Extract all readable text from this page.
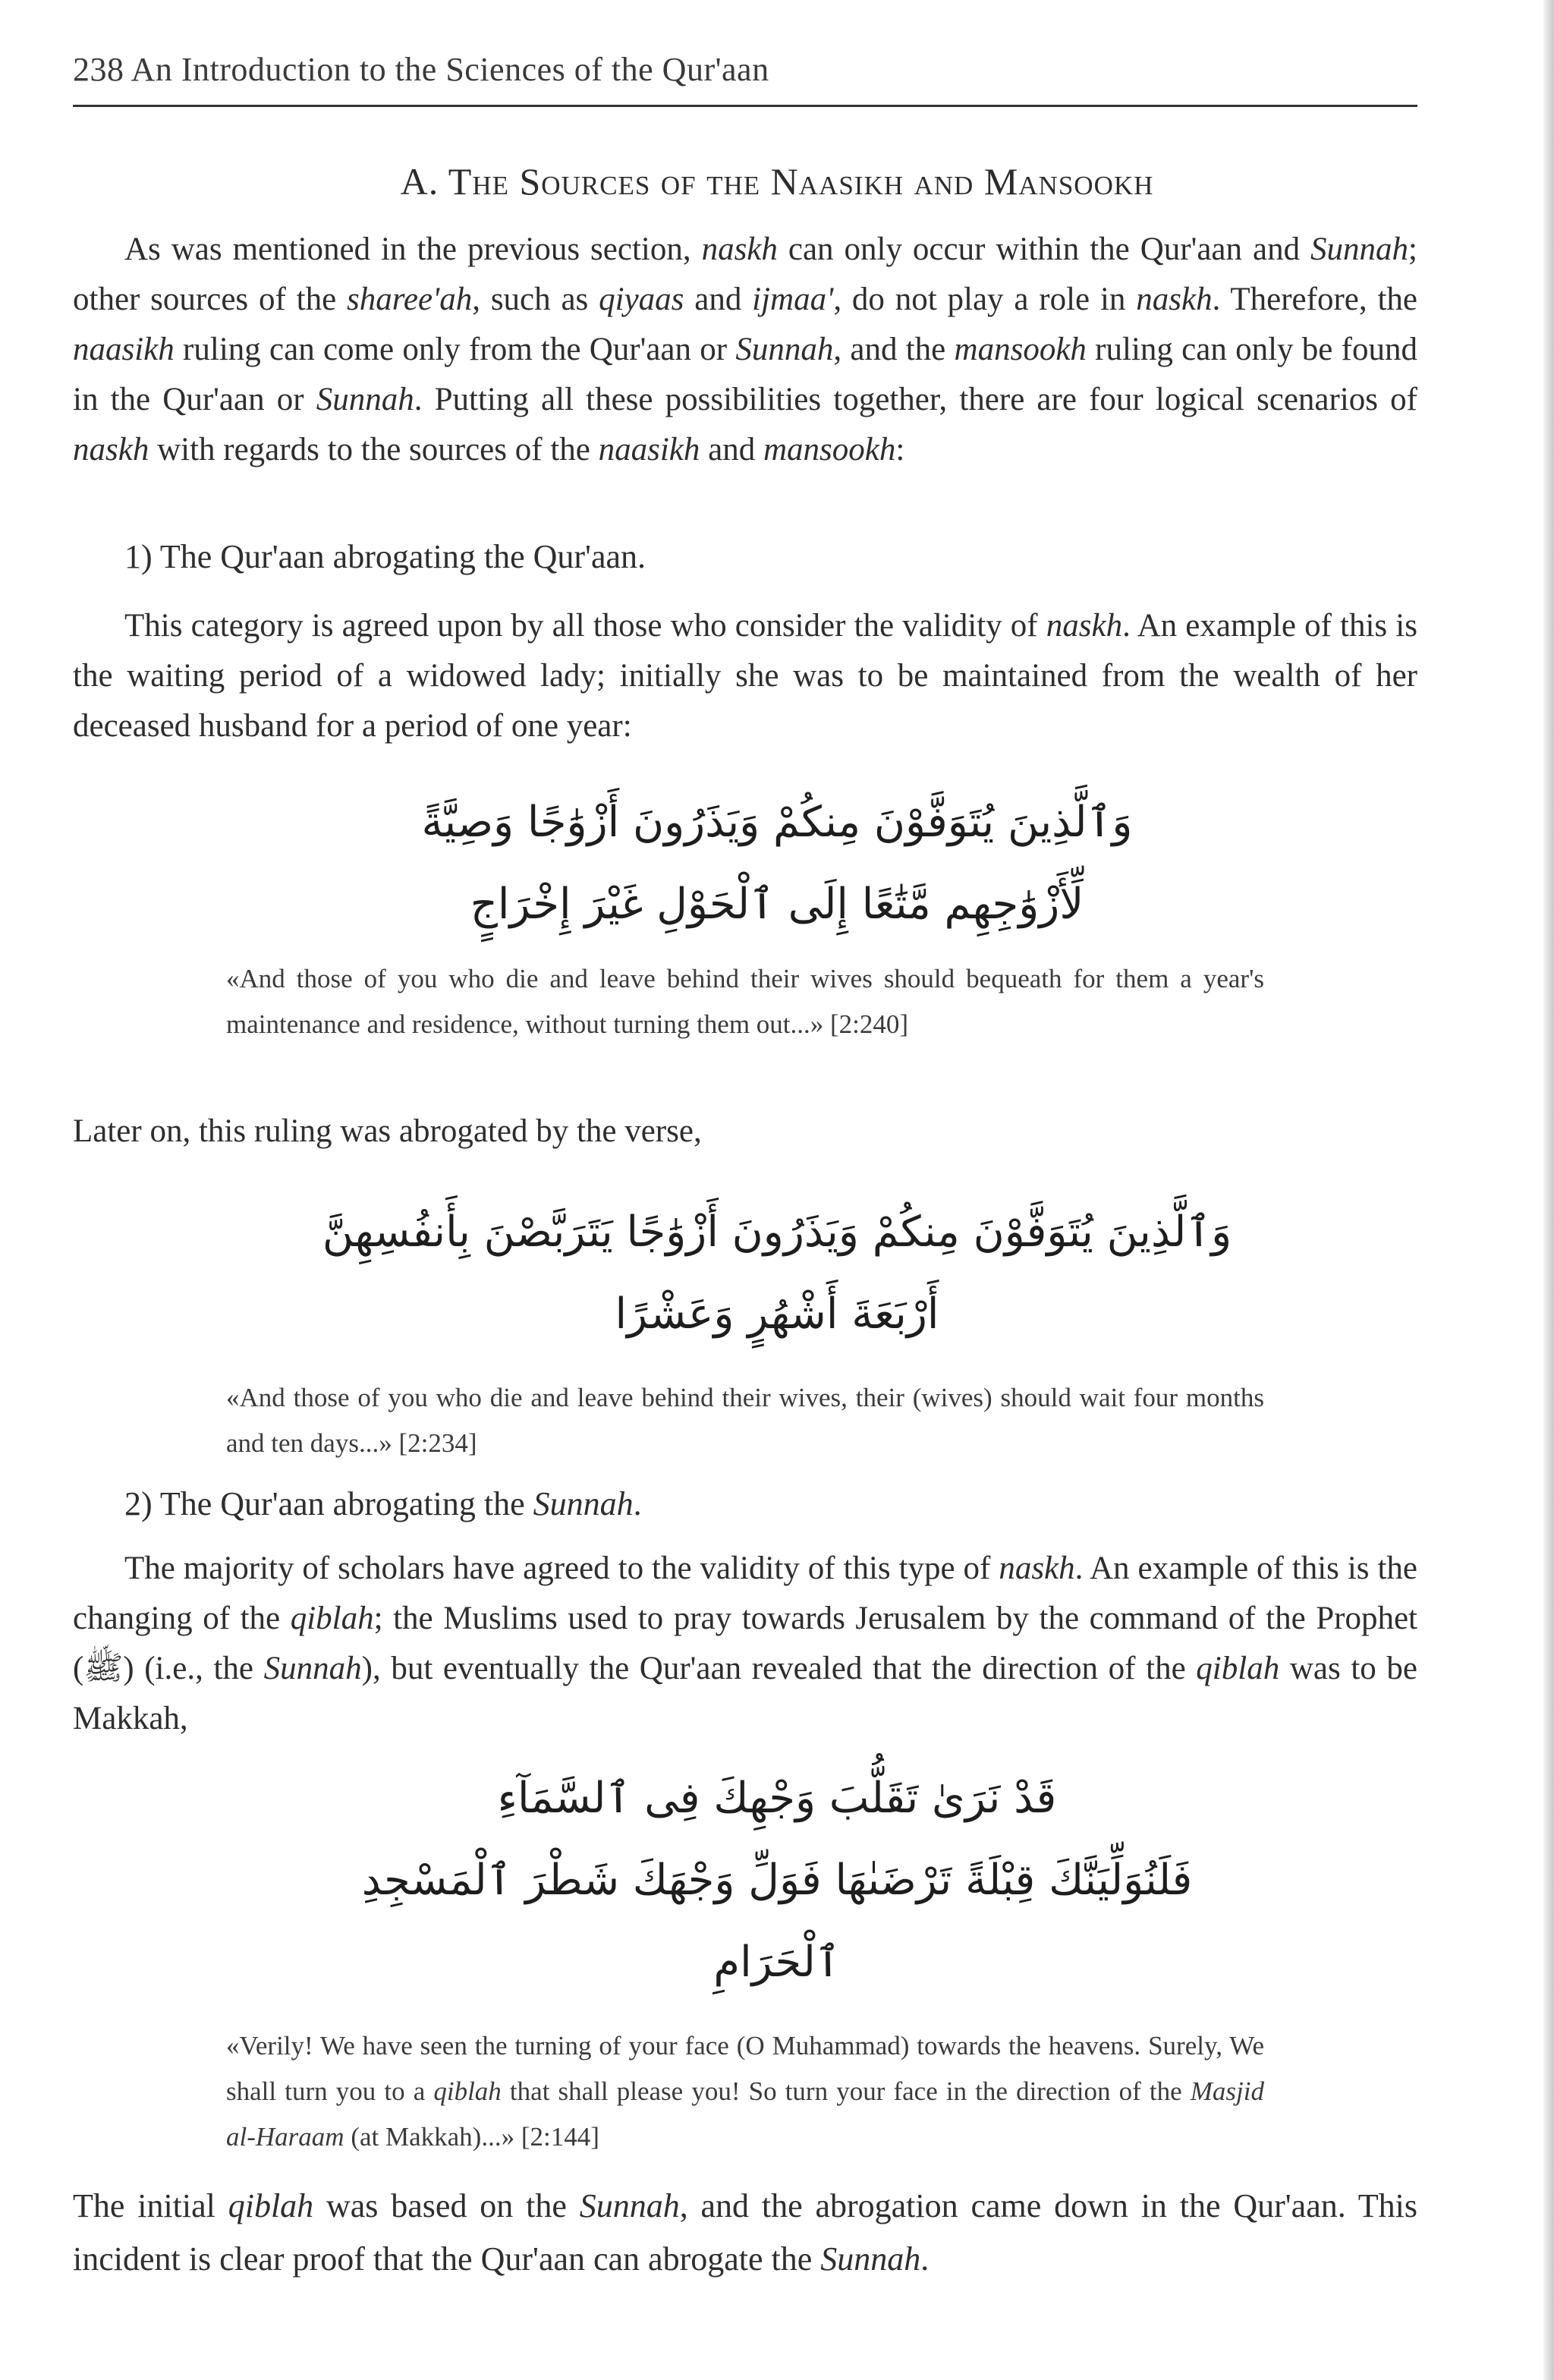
238 An Introduction to the Sciences of the Qur'aan
A. The Sources of the Naasikh and Mansookh

As was mentioned in the previous section, naskh can only occur within the Qur'aan and Sunnah; other sources of the sharee'ah, such as qiyaas and ijmaa', do not play a role in naskh. Therefore, the naasikh ruling can come only from the Qur'aan or Sunnah, and the mansookh ruling can only be found in the Qur'aan or Sunnah. Putting all these possibilities together, there are four logical scenarios of naskh with regards to the sources of the naasikh and mansookh:

1) The Qur'aan abrogating the Qur'aan.

This category is agreed upon by all those who consider the validity of naskh. An example of this is the waiting period of a widowed lady; initially she was to be maintained from the wealth of her deceased husband for a period of one year:

وَٱلَّذِينَ يُتَوَفَّوْنَ مِنكُمْ وَيَذَرُونَ أَزْوَٰجًا وَصِيَّةً
لِّأَزْوَٰجِهِم مَّتَٰعًا إِلَى ٱلْحَوْلِ غَيْرَ إِخْرَاجٍ

«And those of you who die and leave behind their wives should bequeath for them a year's maintenance and residence, without turning them out...» [2:240]

Later on, this ruling was abrogated by the verse,

وَٱلَّذِينَ يُتَوَفَّوْنَ مِنكُمْ وَيَذَرُونَ أَزْوَٰجًا يَتَرَبَّصْنَ بِأَنفُسِهِنَّ
أَرْبَعَةَ أَشْهُرٍ وَعَشْرًا

«And those of you who die and leave behind their wives, their (wives) should wait four months and ten days...» [2:234]

2) The Qur'aan abrogating the Sunnah.

The majority of scholars have agreed to the validity of this type of naskh. An example of this is the changing of the qiblah; the Muslims used to pray towards Jerusalem by the command of the Prophet (ﷺ) (i.e., the Sunnah), but eventually the Qur'aan revealed that the direction of the qiblah was to be Makkah,

قَدْ نَرَىٰ تَقَلُّبَ وَجْهِكَ فِى ٱلسَّمَآءِ
فَلَنُوَلِّيَنَّكَ قِبْلَةً تَرْضَىٰهَا فَوَلِّ وَجْهَكَ شَطْرَ ٱلْمَسْجِدِ
ٱلْحَرَامِ

«Verily! We have seen the turning of your face (O Muhammad) towards the heavens. Surely, We shall turn you to a qiblah that shall please you! So turn your face in the direction of the Masjid al-Haraam (at Makkah)...» [2:144]

The initial qiblah was based on the Sunnah, and the abrogation came down in the Qur'aan. This incident is clear proof that the Qur'aan can abrogate the Sunnah.
